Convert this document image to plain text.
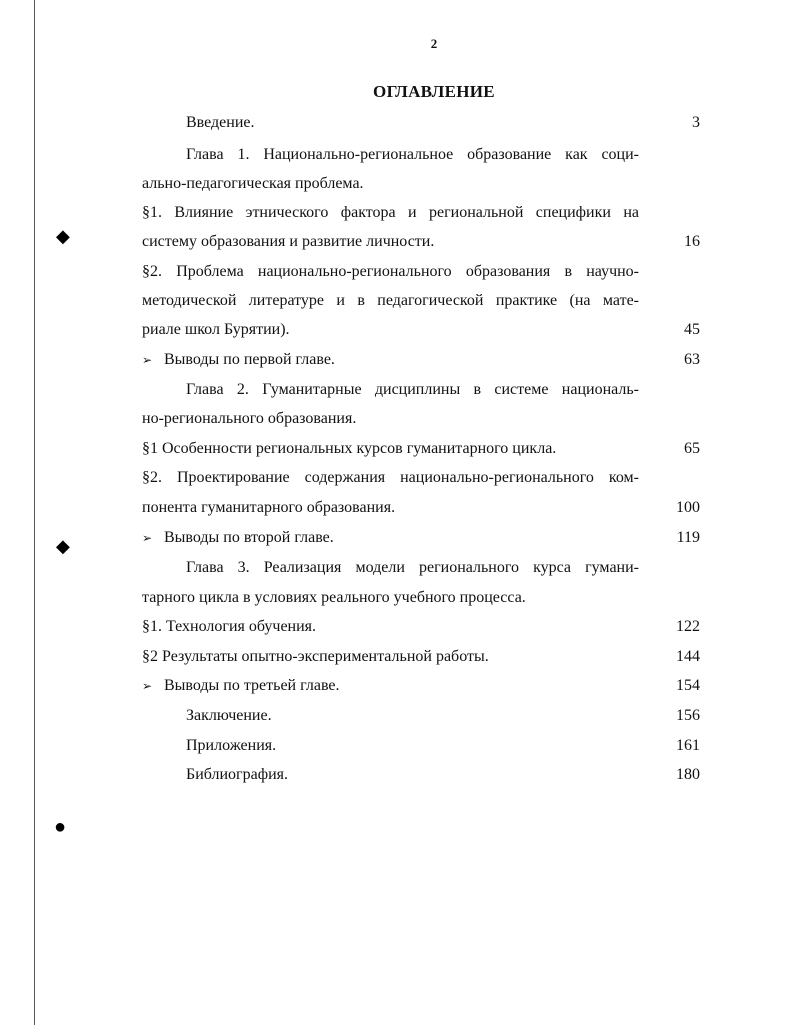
◆
◆
●
2
ОГЛАВЛЕНИЕ
Введение.	3
Глава 1. Национально-региональное образование как соци-
ально-педагогическая проблема.
§1. Влияние этнического фактора и региональной специфики на
систему образования и развитие личности.	16
§2. Проблема национально-регионального образования в научно-
методической литературе и в педагогической практике (на мате-
риале школ Бурятии).	45
➢ Выводы по первой главе.	63
Глава 2. Гуманитарные дисциплины в системе националь-
но-регионального образования.
§1 Особенности региональных курсов гуманитарного цикла.	65
§2. Проектирование содержания национально-регионального ком-
понента гуманитарного образования.	100
➢ Выводы по второй главе.	119
Глава 3. Реализация модели регионального курса гумани-
тарного цикла в условиях реального учебного процесса.
§1. Технология обучения.	122
§2 Результаты опытно-экспериментальной работы.	144
➢ Выводы по третьей главе.	154
Заключение.	156
Приложения.	161
Библиография.	180
